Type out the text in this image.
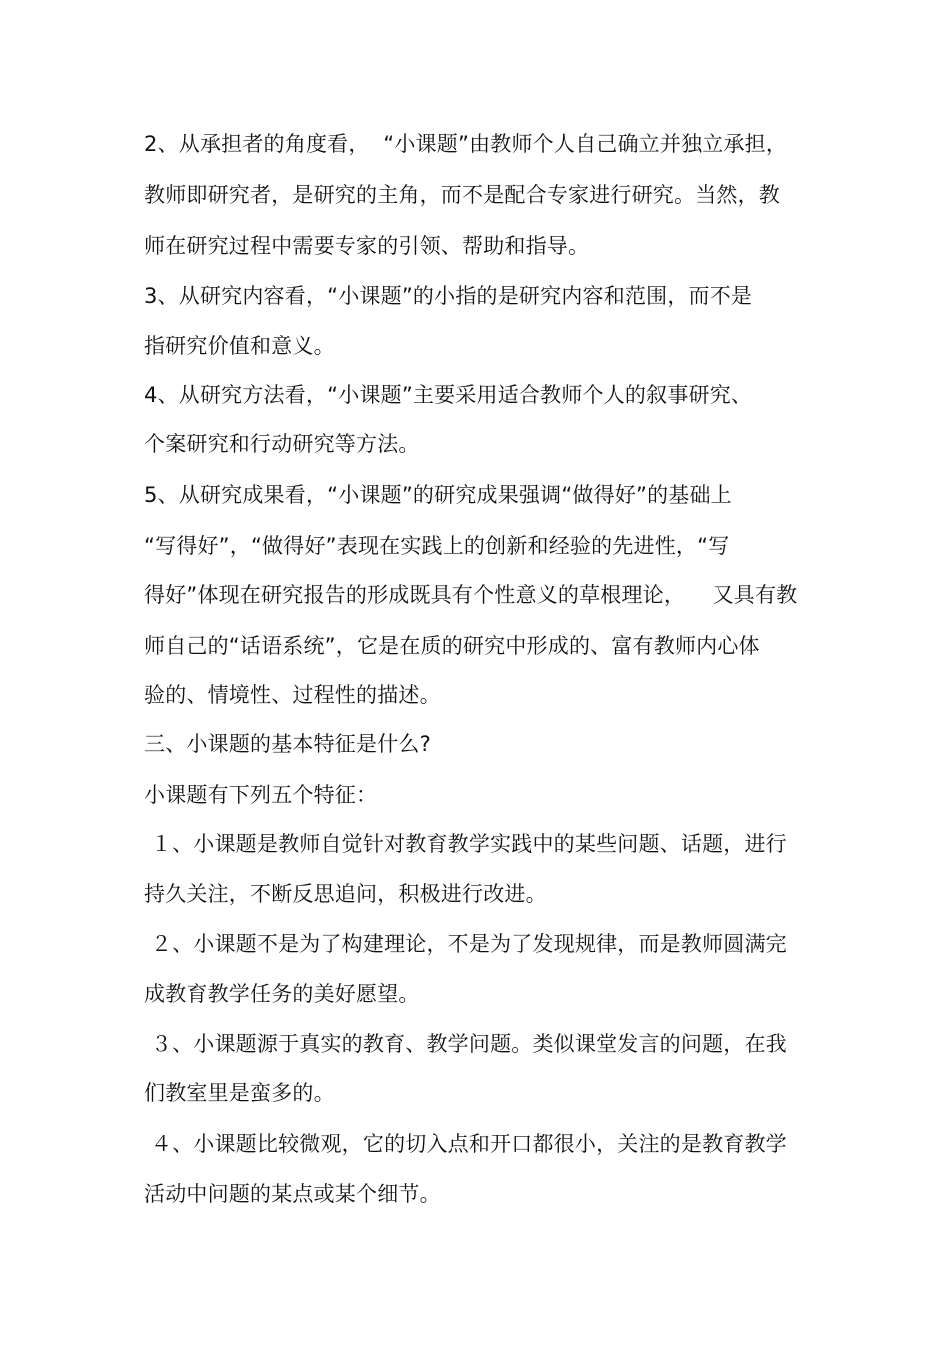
2、从承担者的角度看，  “小课题”由教师个人自己确立并独立承担，
教师即研究者，是研究的主角，而不是配合专家进行研究。当然，教
师在研究过程中需要专家的引领、帮助和指导。
3、从研究内容看，“小课题”的小指的是研究内容和范围，而不是
指研究价值和意义。
4、从研究方法看，“小课题”主要采用适合教师个人的叙事研究、
个案研究和行动研究等方法。
5、从研究成果看，“小课题”的研究成果强调“做得好”的基础上
“写得好”，“做得好”表现在实践上的创新和经验的先进性，“写
得好”体现在研究报告的形成既具有个性意义的草根理论，    又具有教
师自己的“话语系统”，它是在质的研究中形成的、富有教师内心体
验的、情境性、过程性的描述。
三、小课题的基本特征是什么?
小课题有下列五个特征：
１、小课题是教师自觉针对教育教学实践中的某些问题、话题，进行
持久关注，不断反思追问，积极进行改进。
２、小课题不是为了构建理论，不是为了发现规律，而是教师圆满完
成教育教学任务的美好愿望。
３、小课题源于真实的教育、教学问题。类似课堂发言的问题，在我
们教室里是蛮多的。
４、小课题比较微观，它的切入点和开口都很小，关注的是教育教学
活动中问题的某点或某个细节。
